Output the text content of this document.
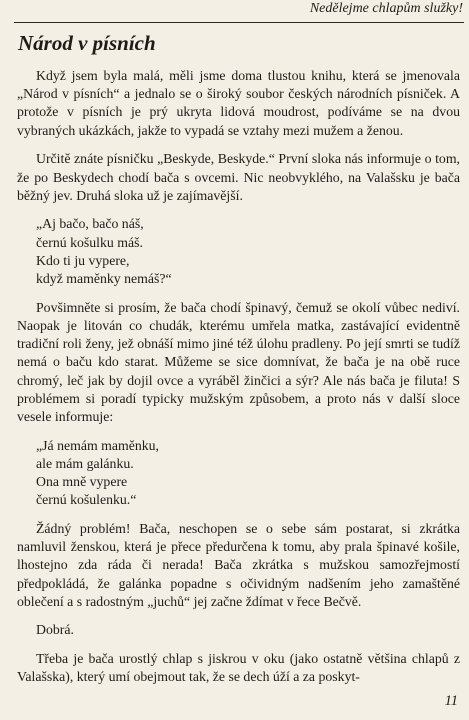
Nedělejme chlapům služky!
Národ v písních

Když jsem byla malá, měli jsme doma tlustou knihu, která se jmenovala „Národ v písních“ a jednalo se o široký soubor českých národních písniček. A protože v písních je prý ukryta lidová moudrost, podíváme se na dvou vybraných ukázkách, jakže to vypadá se vztahy mezi mužem a ženou.

Určitě znáte písničku „Beskyde, Beskyde.“ První sloka nás informuje o tom, že po Beskydech chodí bača s ovcemi. Nic neobvyklého, na Valašsku je bača běžný jev. Druhá sloka už je zajímavější.

„Aj bačo, bačo náš,
černú košulku máš.
Kdo ti ju vypere,
když maměnky nemáš?“

Povšimněte si prosím, že bača chodí špinavý, čemuž se okolí vůbec nediví. Naopak je litován co chudák, kterému umřela matka, zastávající evidentně tradiční roli ženy, jež obnáší mimo jiné též úlohu pradleny. Po její smrti se tudíž nemá o baču kdo starat. Můžeme se sice domnívat, že bača je na obě ruce chromý, leč jak by dojil ovce a vyráběl žinčici a sýr? Ale nás bača je filuta! S problémem si poradí typicky mužským způsobem, a proto nás v další sloce vesele informuje:

„Já nemám maměnku,
ale mám galánku.
Ona mně vypere
černú košulenku.“

Žádný problém! Bača, neschopen se o sebe sám postarat, si zkrátka namluvil ženskou, která je přece předurčena k tomu, aby prala špinavé košile, lhostejno zda ráda či nerada! Bača zkrátka s mužskou samozřejmostí předpokládá, že galánka popadne s očividným nadšením jeho zamaštěné oblečení a s radostným „juchů“ jej začne ždímat v řece Bečvě.

Dobrá.

Třeba je bača urostlý chlap s jiskrou v oku (jako ostatně většina chlapů z Valašska), který umí obejmout tak, že se dech úží a za poskyt-

11
